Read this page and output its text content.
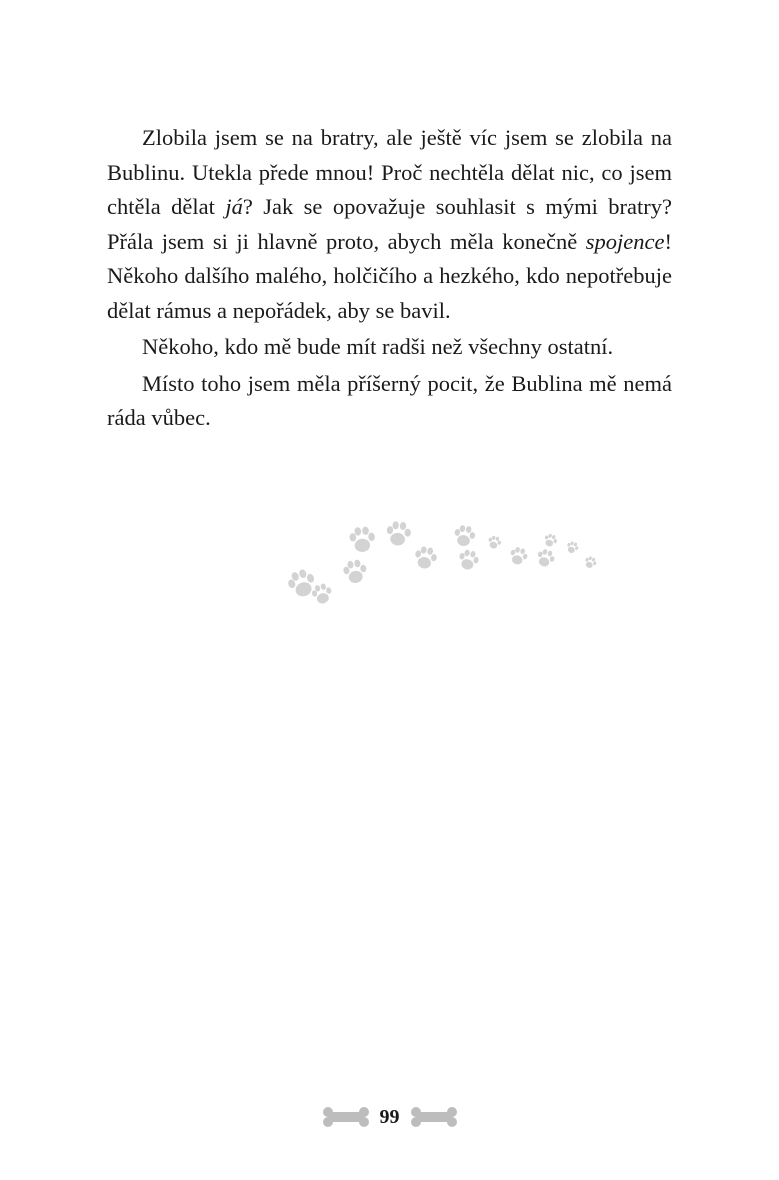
Zlobila jsem se na bratry, ale ještě víc jsem se zlobila na Bublinu. Utekla přede mnou! Proč nechtěla dělat nic, co jsem chtěla dělat já? Jak se opovažuje souhlasit s mými bratry? Přála jsem si ji hlavně proto, abych měla konečně spojence! Někoho dalšího malého, holčičího a hezkého, kdo nepotřebuje dělat rámus a nepořádek, aby se bavil.

Někoho, kdo mě bude mít radši než všechny ostatní.

Místo toho jsem měla příšerný pocit, že Bublina mě nemá ráda vůbec.

99
